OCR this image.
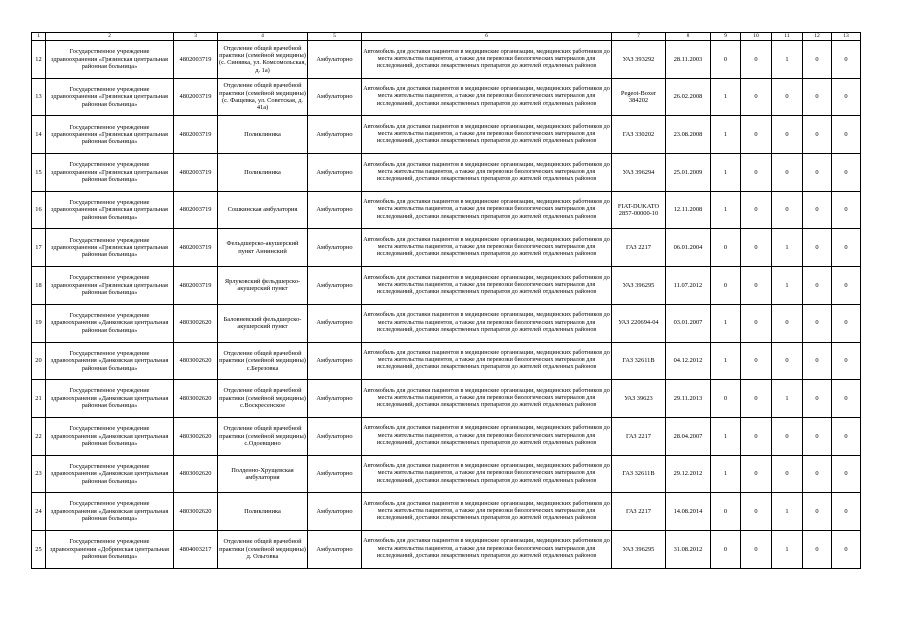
1	2	3	4	5	6	7	8	9	10	11	12	13
12	Государственное учреждение здравоохранения «Грязинская центральная районная больница»	4802003719	Отделение общей врачебной практики (семейной медицины) (с. Синявка, ул. Комсомольская, д. 1а)	Амбулаторно	Автомобиль для доставки пациентов в медицинские организации, медицинских работников до места жительства пациентов, а также для перевозки биологических материалов для исследований, доставки лекарственных препаратов до жителей отдаленных районов	УАЗ 393292	28.11.2003	0	0	1	0	0
13	Государственное учреждение здравоохранения «Грязинская центральная районная больница»	4802003719	Отделение общей врачебной практики (семейной медицины) (с. Фащевка, ул. Советская, д. 41а)	Амбулаторно	Автомобиль для доставки пациентов в медицинские организации, медицинских работников до места жительства пациентов, а также для перевозки биологических материалов для исследований, доставки лекарственных препаратов до жителей отдаленных районов	Pegeot-Boxer 384202	26.02.2008	1	0	0	0	0
14	Государственное учреждение здравоохранения «Грязинская центральная районная больница»	4802003719	Поликлиника	Амбулаторно	Автомобиль для доставки пациентов в медицинские организации, медицинских работников до места жительства пациентов, а также для перевозки биологических материалов для исследований, доставки лекарственных препаратов до жителей отдаленных районов	ГАЗ 330202	23.08.2008	1	0	0	0	0
15	Государственное учреждение здравоохранения «Грязинская центральная районная больница»	4802003719	Поликлиника	Амбулаторно	Автомобиль для доставки пациентов в медицинские организации, медицинских работников до места жительства пациентов, а также для перевозки биологических материалов для исследований, доставки лекарственных препаратов до жителей отдаленных районов	УАЗ 396294	25.01.2009	1	0	0	0	0
16	Государственное учреждение здравоохранения «Грязинская центральная районная больница»	4802003719	Сошкинская амбулатория	Амбулаторно	Автомобиль для доставки пациентов в медицинские организации, медицинских работников до места жительства пациентов, а также для перевозки биологических материалов для исследований, доставки лекарственных препаратов до жителей отдаленных районов	FIAT-DUKATO 2857-00000-10	12.11.2008	1	0	0	0	0
17	Государственное учреждение здравоохранения «Грязинская центральная районная больница»	4802003719	Фельдшерско-акушерский пункт Аннинский	Амбулаторно	Автомобиль для доставки пациентов в медицинские организации, медицинских работников до места жительства пациентов, а также для перевозки биологических материалов для исследований, доставки лекарственных препаратов до жителей отдаленных районов	ГАЗ 2217	06.01.2004	0	0	1	0	0
18	Государственное учреждение здравоохранения «Грязинская центральная районная больница»	4802003719	Ярлуковский фельдшерско-акушерский пункт	Амбулаторно	Автомобиль для доставки пациентов в медицинские организации, медицинских работников до места жительства пациентов, а также для перевозки биологических материалов для исследований, доставки лекарственных препаратов до жителей отдаленных районов	УАЗ 396295	11.07.2012	0	0	1	0	0
19	Государственное учреждение здравоохранения «Данковская центральная районная больница»	4803002620	Баловневский фельдшерско-акушерский пункт	Амбулаторно	Автомобиль для доставки пациентов в медицинские организации, медицинских работников до места жительства пациентов, а также для перевозки биологических материалов для исследований, доставки лекарственных препаратов до жителей отдаленных районов	УАЗ 220694-04	03.01.2007	1	0	0	0	0
20	Государственное учреждение здравоохранения «Данковская центральная районная больница»	4803002620	Отделение общей врачебной практики (семейной медицины) с.Березовка	Амбулаторно	Автомобиль для доставки пациентов в медицинские организации, медицинских работников до места жительства пациентов, а также для перевозки биологических материалов для исследований, доставки лекарственных препаратов до жителей отдаленных районов	ГАЗ 32611В	04.12.2012	1	0	0	0	0
21	Государственное учреждение здравоохранения «Данковская центральная районная больница»	4803002620	Отделение общей врачебной практики (семейной медицины) с.Воскресенское	Амбулаторно	Автомобиль для доставки пациентов в медицинские организации, медицинских работников до места жительства пациентов, а также для перевозки биологических материалов для исследований, доставки лекарственных препаратов до жителей отдаленных районов	УАЗ 39623	29.11.2013	0	0	1	0	0
22	Государственное учреждение здравоохранения «Данковская центральная районная больница»	4803002620	Отделение общей врачебной практики (семейной медицины) с.Одоевщино	Амбулаторно	Автомобиль для доставки пациентов в медицинские организации, медицинских работников до места жительства пациентов, а также для перевозки биологических материалов для исследований, доставки лекарственных препаратов до жителей отдаленных районов	ГАЗ 2217	28.04.2007	1	0	0	0	0
23	Государственное учреждение здравоохранения «Данковская центральная районная больница»	4803002620	Полденно-Хрущевская амбулатория	Амбулаторно	Автомобиль для доставки пациентов в медицинские организации, медицинских работников до места жительства пациентов, а также для перевозки биологических материалов для исследований, доставки лекарственных препаратов до жителей отдаленных районов	ГАЗ 32611В	29.12.2012	1	0	0	0	0
24	Государственное учреждение здравоохранения «Данковская центральная районная больница»	4803002620	Поликлиника	Амбулаторно	Автомобиль для доставки пациентов в медицинские организации, медицинских работников до места жительства пациентов, а также для перевозки биологических материалов для исследований, доставки лекарственных препаратов до жителей отдаленных районов	ГАЗ 2217	14.08.2014	0	0	1	0	0
25	Государственное учреждение здравоохранения «Добринская центральная районная больница»	4804003217	Отделение общей врачебной практики (семейной медицины) д. Ольговка	Амбулаторно	Автомобиль для доставки пациентов в медицинские организации, медицинских работников до места жительства пациентов, а также для перевозки биологических материалов для исследований, доставки лекарственных препаратов до жителей отдаленных районов	УАЗ 396295	31.08.2012	0	0	1	0	0
